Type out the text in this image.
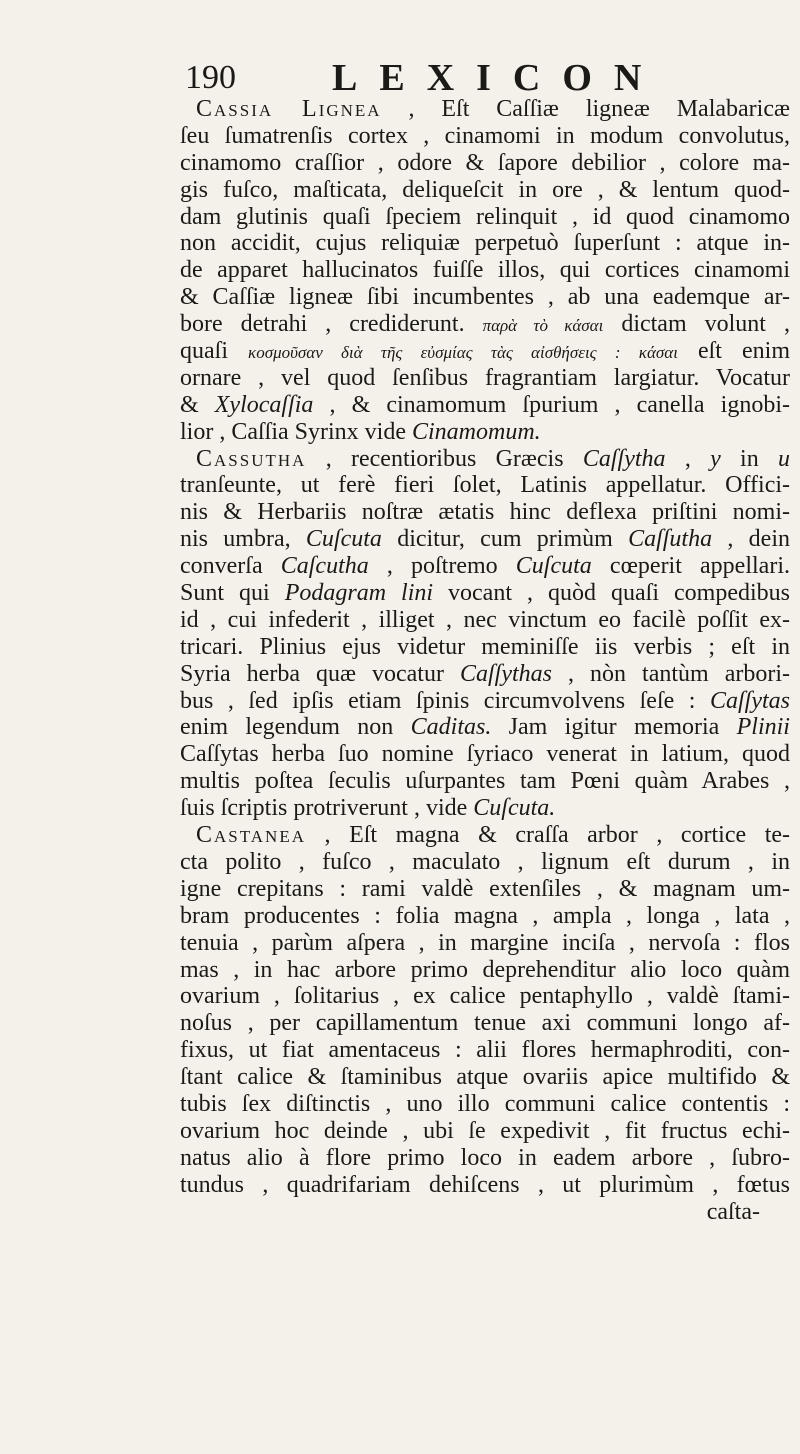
190	LEXICON
Cassia Lignea , Eſt Caſſiæ ligneæ Malabaricæ
ſeu ſumatrenſis cortex , cinamomi in modum convolutus,
cinamomo craſſior , odore & ſapore debilior , colore ma-
gis fuſco, maſticata, deliqueſcit in ore , & lentum quod-
dam glutinis quaſi ſpeciem relinquit , id quod cinamomo
non accidit, cujus reliquiæ perpetuò ſuperſunt : atque in-
de apparet hallucinatos fuiſſe illos, qui cortices cinamomi
& Caſſiæ ligneæ ſibi incumbentes , ab una eademque ar-
bore detrahi , crediderunt. παρὰ τὸ κάσαι dictam volunt ,
quaſi κοσμοῦσαν διὰ τῆς εὐσμίας τὰς αἰσθήσεις : κάσαι eſt enim
ornare , vel quod ſenſibus fragrantiam largiatur. Vocatur
& Xylocaſſia , & cinamomum ſpurium , canella ignobi-
lior , Caſſia Syrinx vide Cinamomum.
Cassutha , recentioribus Græcis Caſſytha , y in u
tranſeunte, ut ferè fieri ſolet, Latinis appellatur. Offici-
nis & Herbariis noſtræ ætatis hinc deflexa priſtini nomi-
nis umbra, Cuſcuta dicitur, cum primùm Caſſutha , dein
converſa Caſcutha , poſtremo Cuſcuta cœperit appellari.
Sunt qui Podagram lini vocant , quòd quaſi compedibus
id , cui infederit , illiget , nec vinctum eo facilè poſſit ex-
tricari. Plinius ejus videtur meminiſſe iis verbis ; eſt in
Syria herba quæ vocatur Caſſythas , nòn tantùm arbori-
bus , ſed ipſis etiam ſpinis circumvolvens ſeſe : Caſſytas
enim legendum non Caditas. Jam igitur memoria Plinii
Caſſytas herba ſuo nomine ſyriaco venerat in latium, quod
multis poſtea ſeculis uſurpantes tam Pœni quàm Arabes ,
ſuis ſcriptis protriverunt , vide Cuſcuta.
Castanea , Eſt magna & craſſa arbor , cortice te-
cta polito , fuſco , maculato , lignum eſt durum , in
igne crepitans : rami valdè extenſiles , & magnam um-
bram producentes : folia magna , ampla , longa , lata ,
tenuia , parùm aſpera , in margine inciſa , nervoſa : flos
mas , in hac arbore primo deprehenditur alio loco quàm
ovarium , ſolitarius , ex calice pentaphyllo , valdè ſtami-
noſus , per capillamentum tenue axi communi longo af-
fixus, ut fiat amentaceus : alii flores hermaphroditi, con-
ſtant calice & ſtaminibus atque ovariis apice multifido &
tubis ſex diſtinctis , uno illo communi calice contentis :
ovarium hoc deinde , ubi ſe expedivit , fit fructus echi-
natus alio à flore primo loco in eadem arbore , ſubro-
tundus , quadrifariam dehiſcens , ut plurimùm , fœtus
caſta-
